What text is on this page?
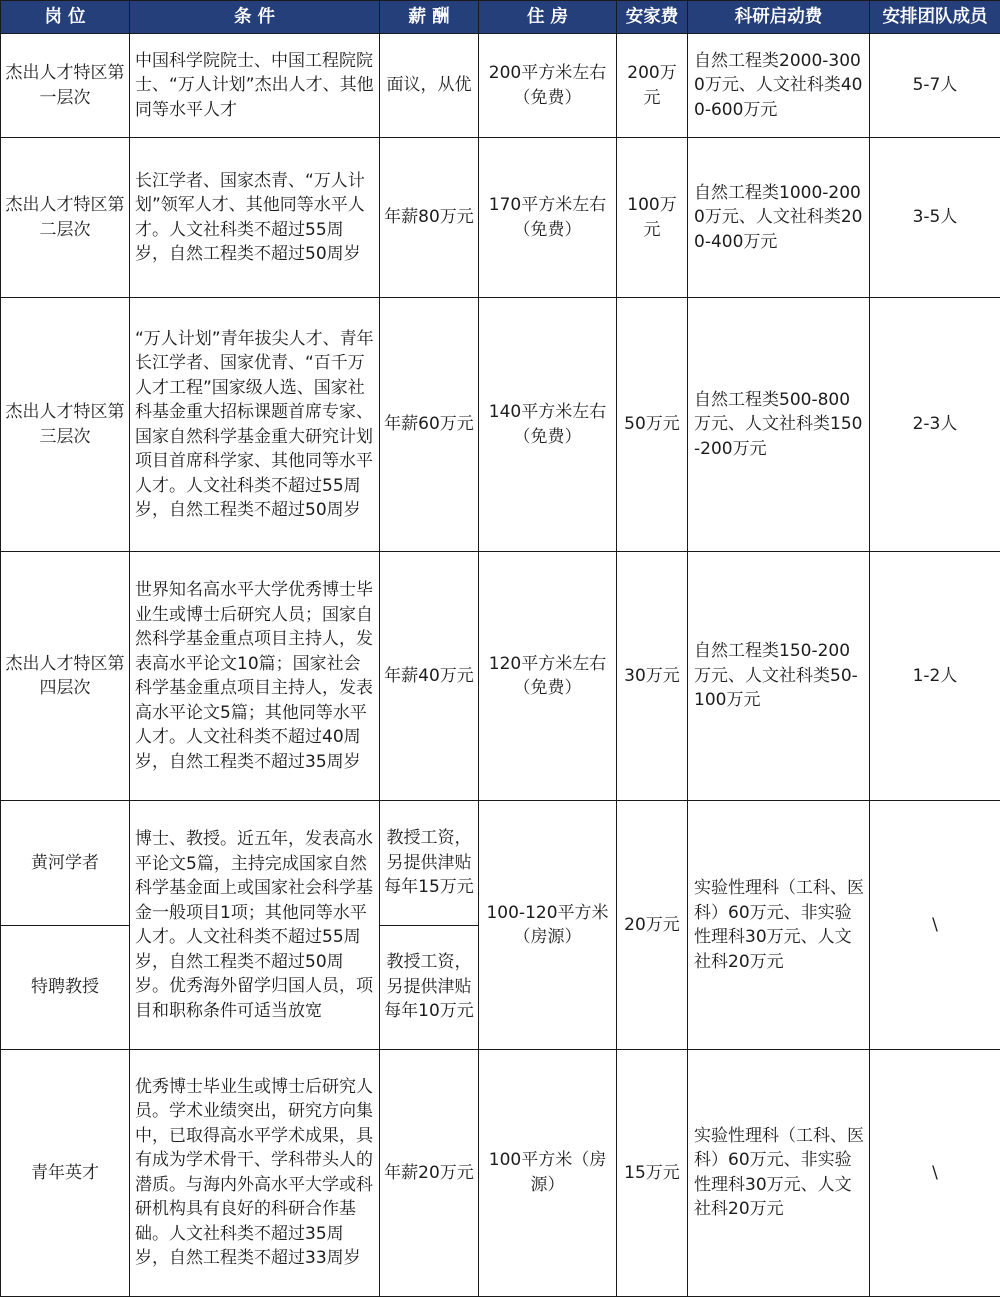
岗 位	条 件	薪 酬	住 房	安家费	科研启动费	安排团队成员
杰出人才特区第一层次	中国科学院院士、中国工程院院士、“万人计划”杰出人才、其他同等水平人才	面议，从优	200平方米左右（免费）	200万元	自然工程类2000-3000万元、人文社科类400-600万元	5-7人
杰出人才特区第二层次	长江学者、国家杰青、“万人计划”领军人才、其他同等水平人才。人文社科类不超过55周岁，自然工程类不超过50周岁	年薪80万元	170平方米左右（免费）	100万元	自然工程类1000-2000万元、人文社科类200-400万元	3-5人
杰出人才特区第三层次	“万人计划”青年拔尖人才、青年长江学者、国家优青、“百千万人才工程”国家级人选、国家社科基金重大招标课题首席专家、国家自然科学基金重大研究计划项目首席科学家、其他同等水平人才。人文社科类不超过55周岁，自然工程类不超过50周岁	年薪60万元	140平方米左右（免费）	50万元	自然工程类500-800万元、人文社科类150-200万元	2-3人
杰出人才特区第四层次	世界知名高水平大学优秀博士毕业生或博士后研究人员；国家自然科学基金重点项目主持人，发表高水平论文10篇；国家社会科学基金重点项目主持人，发表高水平论文5篇；其他同等水平人才。人文社科类不超过40周岁，自然工程类不超过35周岁	年薪40万元	120平方米左右（免费）	30万元	自然工程类150-200万元、人文社科类50-100万元	1-2人
黄河学者	博士、教授。近五年，发表高水平论文5篇，主持完成国家自然科学基金面上或国家社会科学基金一般项目1项；其他同等水平人才。人文社科类不超过55周岁，自然工程类不超过50周岁。优秀海外留学归国人员，项目和职称条件可适当放宽	教授工资，另提供津贴每年15万元	100-120平方米（房源）	20万元	实验性理科（工科、医科）60万元、非实验性理科30万元、人文社科20万元	\
特聘教授		教授工资，另提供津贴每年10万元				
青年英才	优秀博士毕业生或博士后研究人员。学术业绩突出，研究方向集中，已取得高水平学术成果，具有成为学术骨干、学科带头人的潜质。与海内外高水平大学或科研机构具有良好的科研合作基础。人文社科类不超过35周岁，自然工程类不超过33周岁	年薪20万元	100平方米（房源）	15万元	实验性理科（工科、医科）60万元、非实验性理科30万元、人文社科20万元	\
